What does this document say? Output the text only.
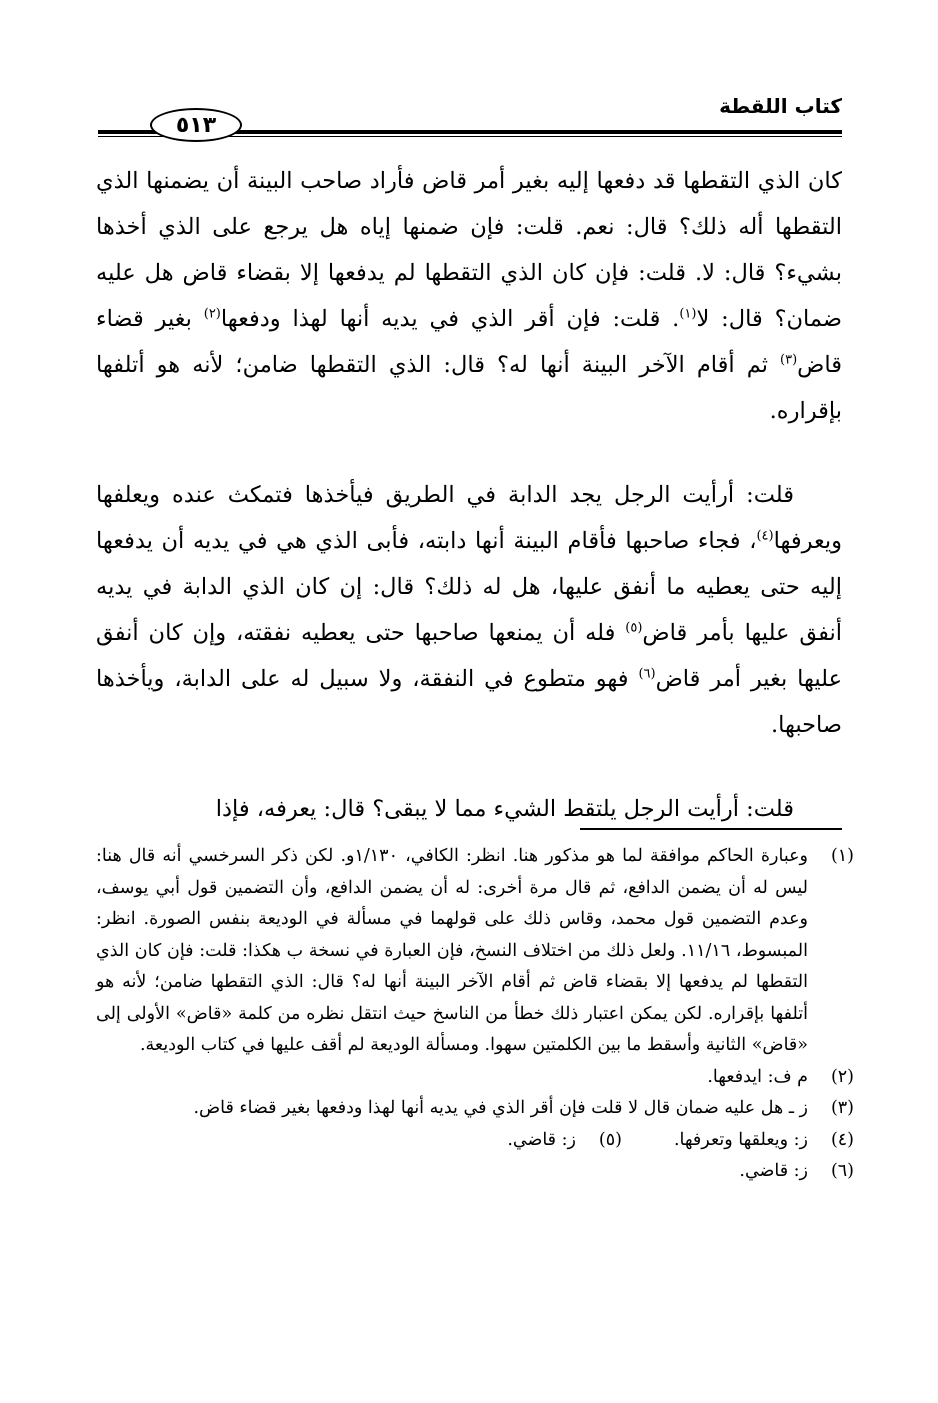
كتاب اللقطة
٥١٣

كان الذي التقطها قد دفعها إليه بغير أمر قاض فأراد صاحب البينة أن يضمنها الذي التقطها أله ذلك؟ قال: نعم. قلت: فإن ضمنها إياه هل يرجع على الذي أخذها بشيء؟ قال: لا. قلت: فإن كان الذي التقطها لم يدفعها إلا بقضاء قاض هل عليه ضمان؟ قال: لا$^{(١)}$. قلت: فإن أقر الذي في يديه أنها لهذا ودفعها$^{(٢)}$ بغير قضاء قاض$^{(٣)}$ ثم أقام الآخر البينة أنها له؟ قال: الذي التقطها ضامن؛ لأنه هو أتلفها بإقراره.

قلت: أرأيت الرجل يجد الدابة في الطريق فيأخذها فتمكث عنده ويعلفها ويعرفها$^{(٤)}$، فجاء صاحبها فأقام البينة أنها دابته، فأبى الذي هي في يديه أن يدفعها إليه حتى يعطيه ما أنفق عليها، هل له ذلك؟ قال: إن كان الذي الدابة في يديه أنفق عليها بأمر قاض$^{(٥)}$ فله أن يمنعها صاحبها حتى يعطيه نفقته، وإن كان أنفق عليها بغير أمر قاض$^{(٦)}$ فهو متطوع في النفقة، ولا سبيل له على الدابة، ويأخذها صاحبها.

قلت: أرأيت الرجل يلتقط الشيء مما لا يبقى؟ قال: يعرفه، فإذا

(١)
وعبارة الحاكم موافقة لما هو مذكور هنا. انظر: الكافي، ١/١٣٠و. لكن ذكر السرخسي أنه قال هنا: ليس له أن يضمن الدافع، ثم قال مرة أخرى: له أن يضمن الدافع، وأن التضمين قول أبي يوسف، وعدم التضمين قول محمد، وقاس ذلك على قولهما في مسألة في الوديعة بنفس الصورة. انظر: المبسوط، ١١/١٦. ولعل ذلك من اختلاف النسخ، فإن العبارة في نسخة ب هكذا: قلت: فإن كان الذي التقطها لم يدفعها إلا بقضاء قاض ثم أقام الآخر البينة أنها له؟ قال: الذي التقطها ضامن؛ لأنه هو أتلفها بإقراره. لكن يمكن اعتبار ذلك خطأ من الناسخ حيث انتقل نظره من كلمة «قاض» الأولى إلى «قاض» الثانية وأسقط ما بين الكلمتين سهوا. ومسألة الوديعة لم أقف عليها في كتاب الوديعة.
(٢)
م ف: ايدفعها.
(٣)
ز ـ هل عليه ضمان قال لا قلت فإن أقر الذي في يديه أنها لهذا ودفعها بغير قضاء قاض.
(٤)
ز: ويعلقها وتعرفها.
(٥)
ز: قاضي.
(٦)
ز: قاضي.
